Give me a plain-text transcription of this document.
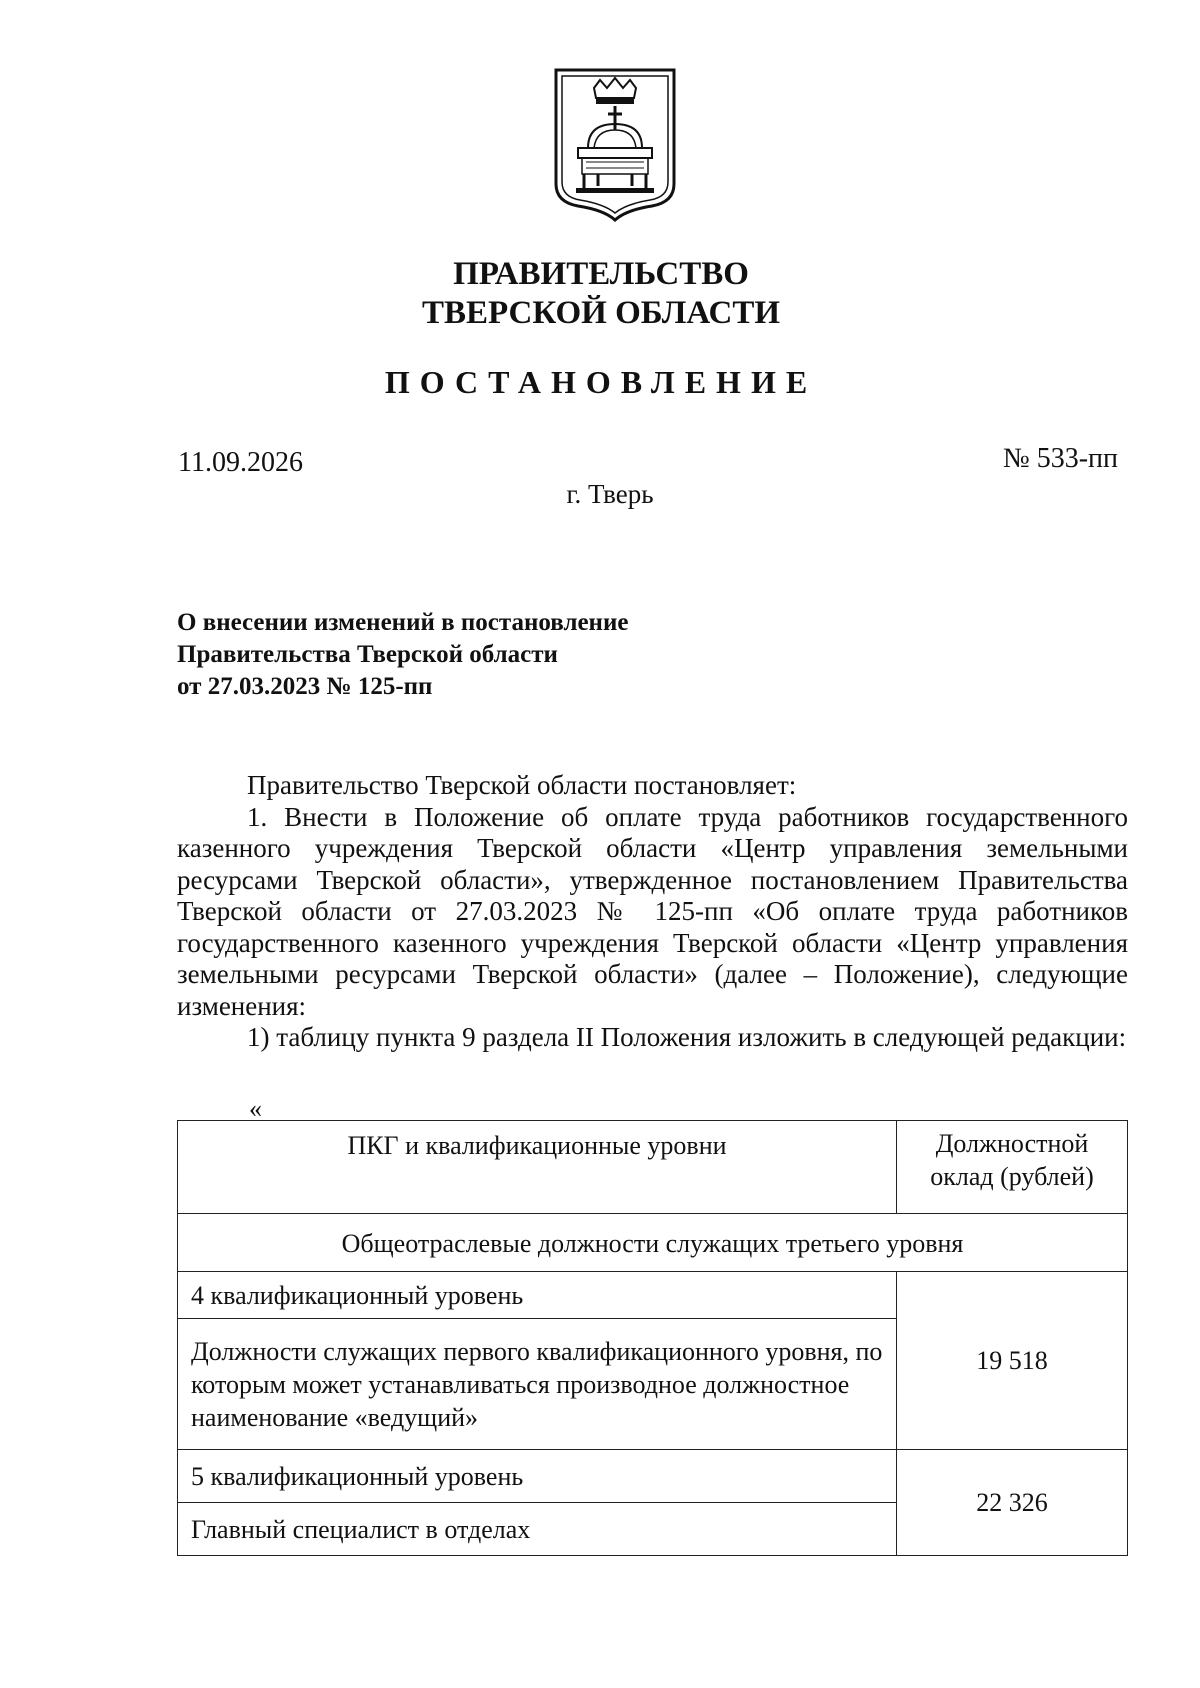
ПРАВИТЕЛЬСТВО
ТВЕРСКОЙ ОБЛАСТИ
ПОСТАНОВЛЕНИЕ
11.09.2026	№ 533-пп
г. Тверь
О внесении изменений в постановление
Правительства Тверской области
от 27.03.2023 № 125-пп

Правительство Тверской области постановляет:

1. Внести в Положение об оплате труда работников государственного казенного учреждения Тверской области «Центр управления земельными ресурсами Тверской области», утвержденное постановлением Правительства Тверской области от 27.03.2023 № 125-пп «Об оплате труда работников государственного казенного учреждения Тверской области «Центр управления земельными ресурсами Тверской области» (далее – Положение), следующие изменения:

1) таблицу пункта 9 раздела II Положения изложить в следующей редакции:

«
ПКГ и квалификационные уровни	Должностной оклад (рублей)
Общеотраслевые должности служащих третьего уровня	
4 квалификационный уровень	19 518
Должности служащих первого квалификационного уровня, по которым может устанавливаться производное должностное наименование «ведущий»	
5 квалификационный уровень	22 326
Главный специалист в отделах	
